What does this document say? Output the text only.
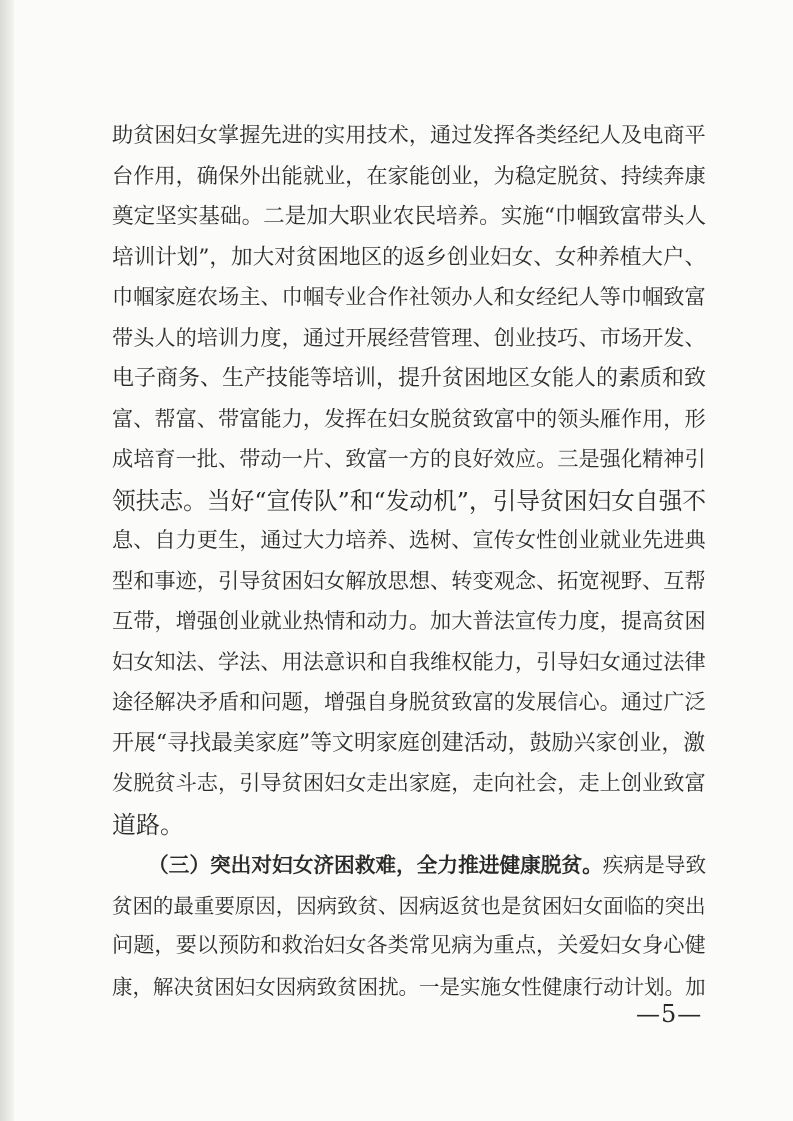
助贫困妇女掌握先进的实用技术，通过发挥各类经纪人及电商平
台作用，确保外出能就业，在家能创业，为稳定脱贫、持续奔康
奠定坚实基础。二是加大职业农民培养。实施“巾帼致富带头人
培训计划”，加大对贫困地区的返乡创业妇女、女种养植大户、
巾帼家庭农场主、巾帼专业合作社领办人和女经纪人等巾帼致富
带头人的培训力度，通过开展经营管理、创业技巧、市场开发、
电子商务、生产技能等培训，提升贫困地区女能人的素质和致
富、帮富、带富能力，发挥在妇女脱贫致富中的领头雁作用，形
成培育一批、带动一片、致富一方的良好效应。三是强化精神引
领扶志。当好“宣传队”和“发动机”，引导贫困妇女自强不
息、自力更生，通过大力培养、选树、宣传女性创业就业先进典
型和事迹，引导贫困妇女解放思想、转变观念、拓宽视野、互帮
互带，增强创业就业热情和动力。加大普法宣传力度，提高贫困
妇女知法、学法、用法意识和自我维权能力，引导妇女通过法律
途径解决矛盾和问题，增强自身脱贫致富的发展信心。通过广泛
开展“寻找最美家庭”等文明家庭创建活动，鼓励兴家创业，激
发脱贫斗志，引导贫困妇女走出家庭，走向社会，走上创业致富
道路。
（三）突出对妇女济困救难，全力推进健康脱贫。 疾病是导致
贫困的最重要原因，因病致贫、因病返贫也是贫困妇女面临的突出
问题，要以预防和救治妇女各类常见病为重点，关爱妇女身心健
康，解决贫困妇女因病致贫困扰。一是实施女性健康行动计划。加
—5—
